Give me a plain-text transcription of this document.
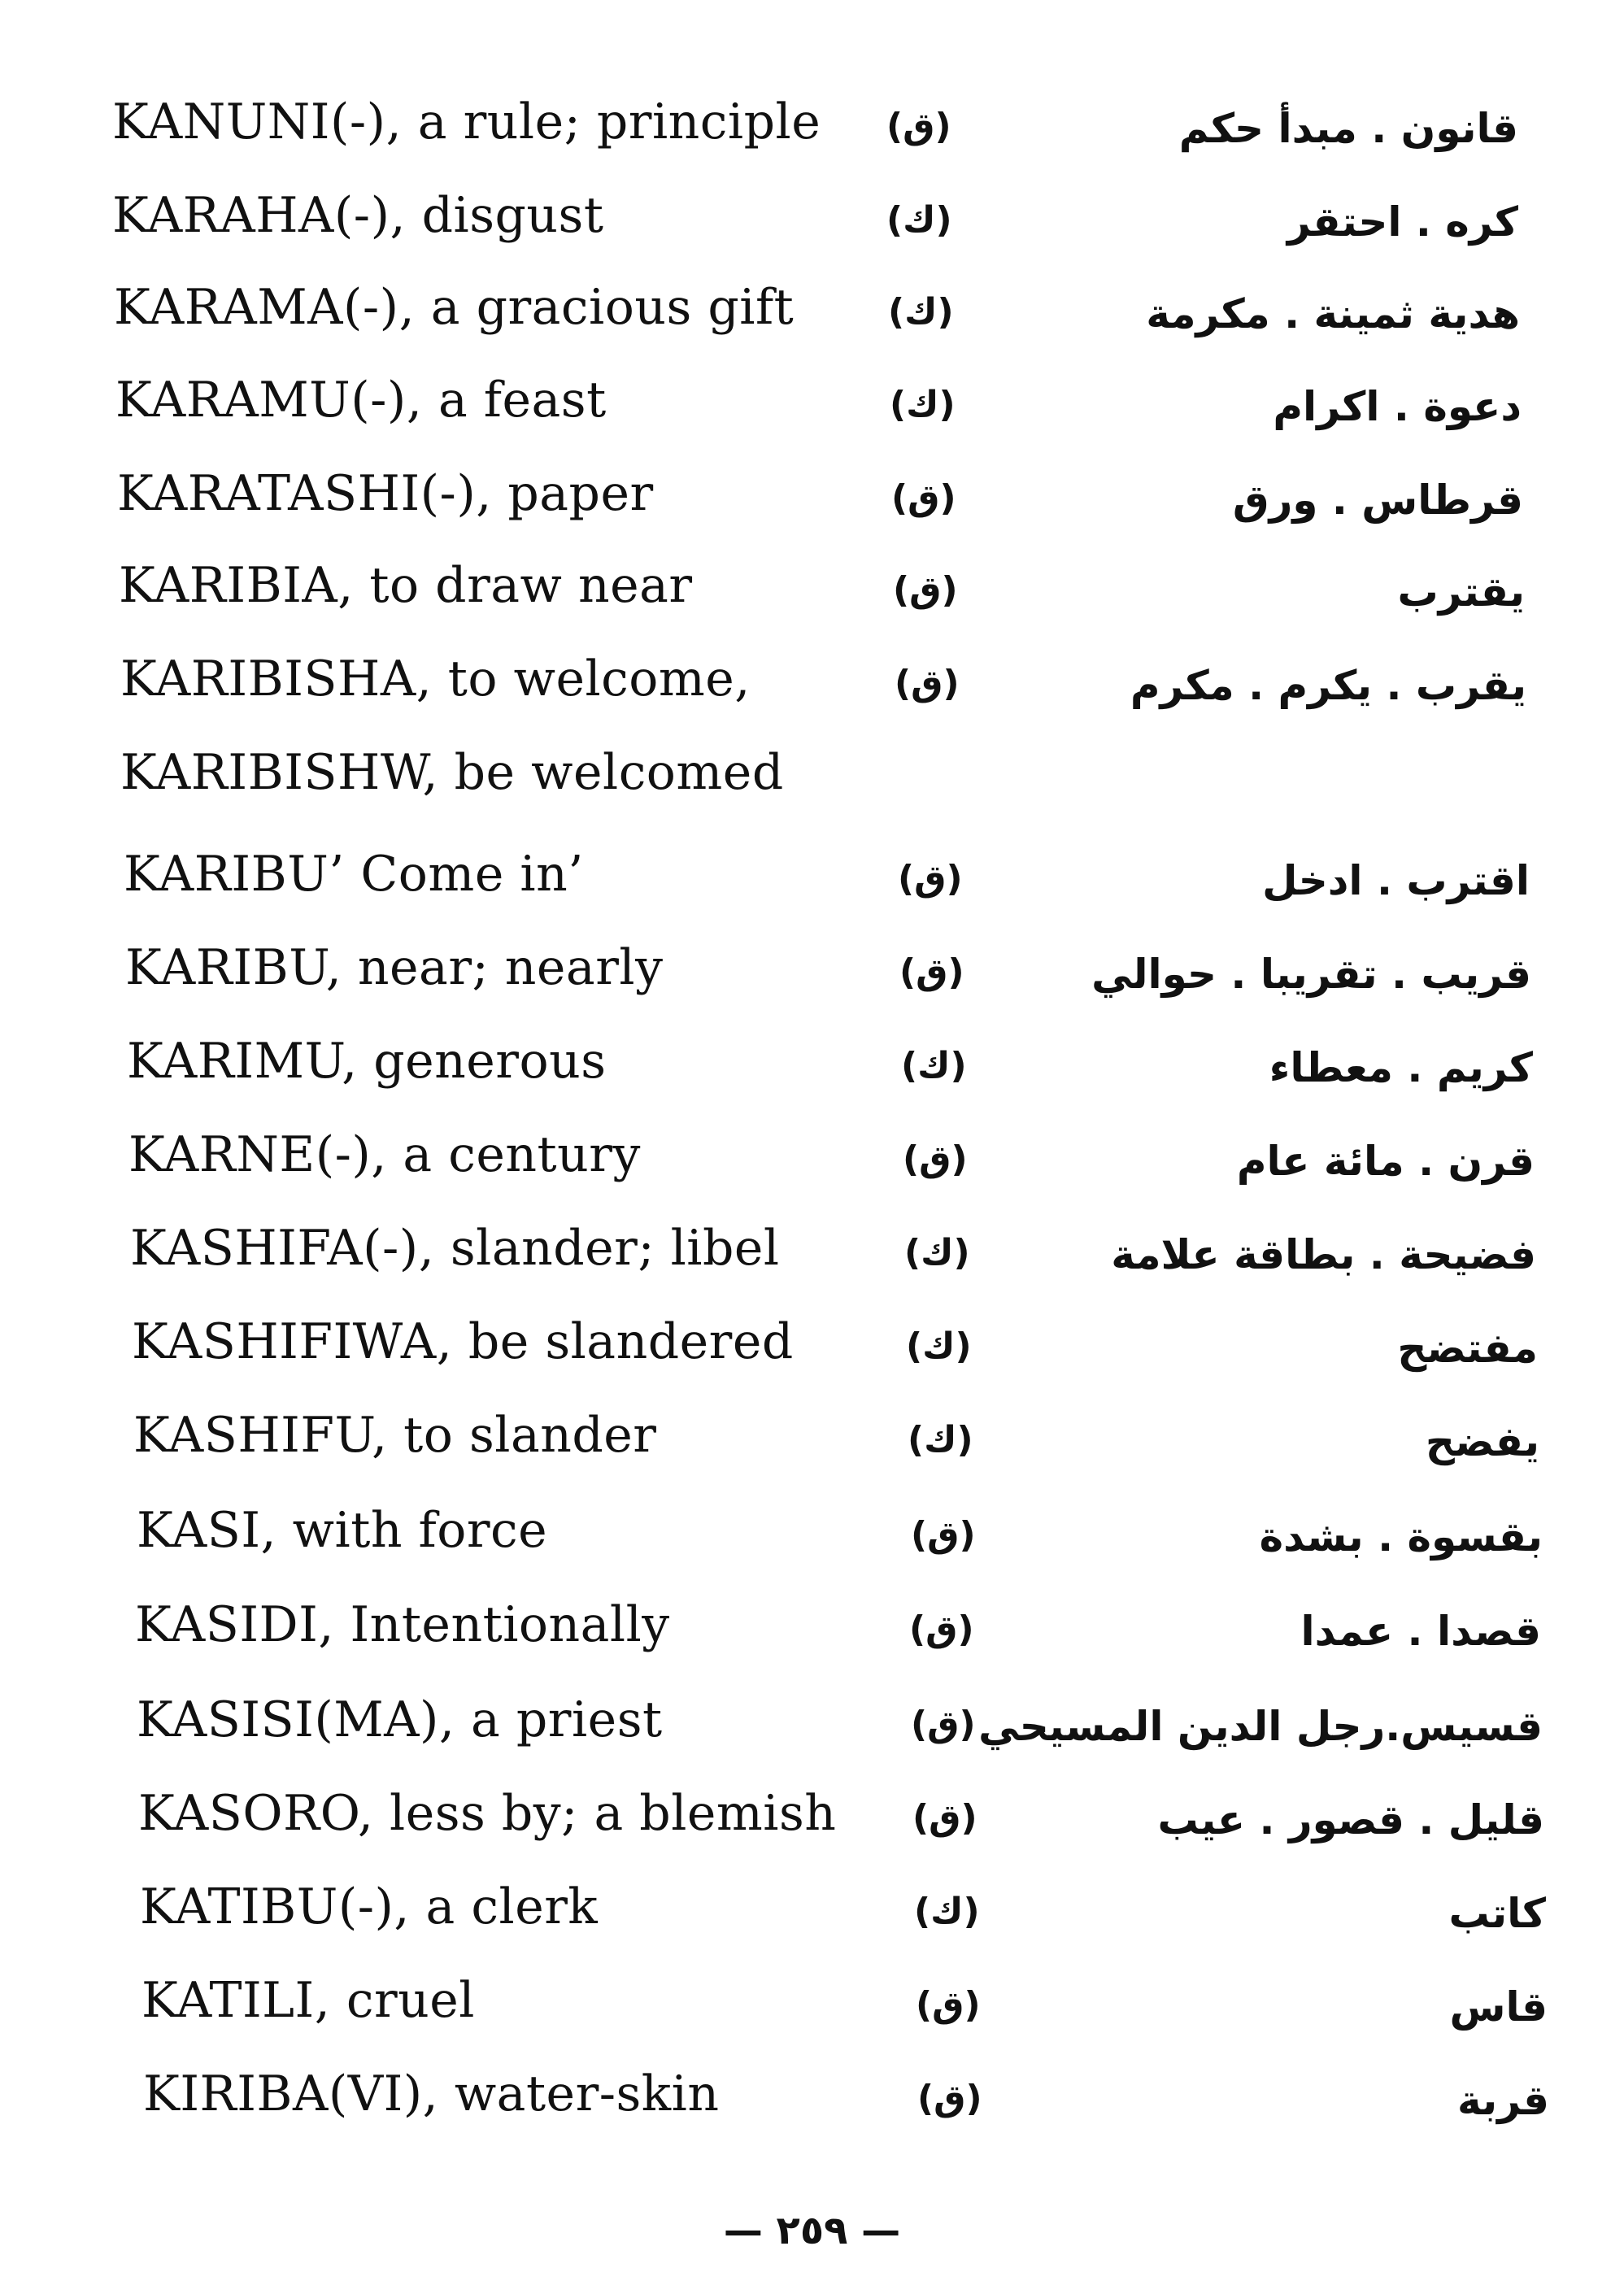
KANUNI(-), a rule; principle (ق)	قانون . مبدأ حكم
KARAHA(-), disgust	(ك)	كره . احتقر
KARAMA(-), a gracious gift	(ك)	هدية ثمينة . مكرمة
KARAMU(-), a feast	(ك)	دعوة . اكرام
KARATASHI(-), paper	(ق)	قرطاس . ورق
KARIBIA, to draw near	(ق)	يقترب
KARIBISHA, to welcome,	(ق)	يقرب . يكرم . مكرم
KARIBISHW, be welcomed
KARIBU’ Come in’	(ق)	اقترب . ادخل
KARIBU, near; nearly	(ق)	قريب . تقريبا . حوالي
KARIMU, generous	(ك)	كريم . معطاء
KARNE(-), a century	(ق)	قرن . مائة عام
KASHIFA(-), slander; libel	(ك)	فضيحة . بطاقة علامة
KASHIFIWA, be slandered	(ك)	مفتضح
KASHIFU, to slander	(ك)	يفضح
KASI, with force	(ق)	بقسوة . بشدة
KASIDI, Intentionally	(ق)	قصدا . عمدا
KASISI(MA), a priest	(ق) قسيس.رجل الدين المسيحي
KASORO, less by; a blemish (ق)	قليل . قصور . عيب
KATIBU(-), a clerk	(ك)	كاتب
KATILI, cruel	(ق)	قاس
KIRIBA(VI), water-skin	(ق)	قربة
— ٢٥٩ —
